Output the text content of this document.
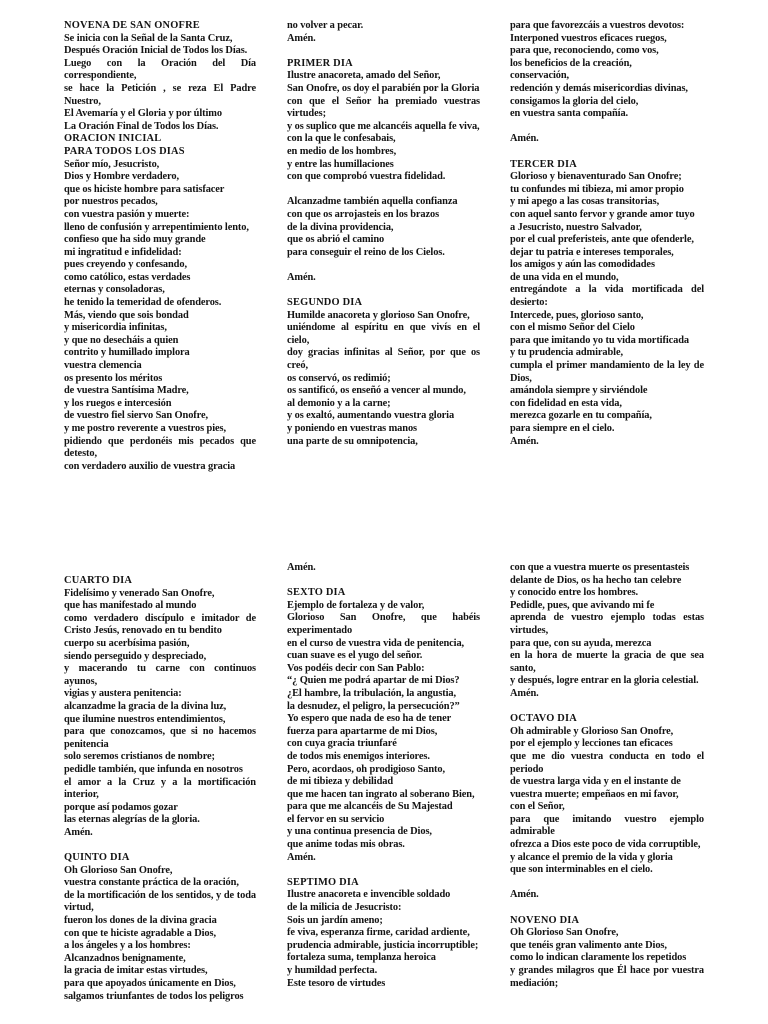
NOVENA DE SAN ONOFRE
Se inicia con la Señal de la Santa Cruz,
Después Oración Inicial de Todos los Días.
Luego con la Oración del Día correspondiente,
se hace la Petición , se reza El Padre Nuestro,
El Avemaría y el Gloria y por último
La Oración Final de Todos los Días.
ORACION INICIAL
PARA TODOS LOS DIAS
Señor mío, Jesucristo,
Dios y Hombre verdadero,
que os hiciste hombre para satisfacer
por nuestros pecados,
con vuestra pasión y muerte:
lleno de confusión y arrepentimiento lento,
confieso que ha sido muy grande
mi ingratitud e infidelidad:
pues creyendo y confesando,
como católico, estas verdades
eternas y consoladoras,
he tenido la temeridad de ofenderos.
Más, viendo que sois bondad
y misericordia infinitas,
y que no desecháis a quien
contrito y humillado implora
vuestra clemencia
os presento los méritos
de vuestra Santísima Madre,
y los ruegos e intercesión
de vuestro fiel siervo San Onofre,
y me postro reverente a vuestros pies,
pidiendo que perdonéis mis pecados que detesto,
con verdadero auxilio de vuestra gracia
no volver a pecar.
Amén.
PRIMER DIA
Ilustre anacoreta, amado del Señor,
San Onofre, os doy el parabién por la Gloria
con que el Señor ha premiado vuestras virtudes;
y os suplico que me alcancéis aquella fe viva,
con la que le confesabais,
en medio de los hombres,
y entre las humillaciones
con que comprobó vuestra fidelidad.
Alcanzadme también aquella confianza
con que os arrojasteis en los brazos
de la divina providencia,
que os abrió el camino
para conseguir el reino de los Cielos.
Amén.
SEGUNDO DIA
Humilde anacoreta y glorioso San Onofre,
uniéndome al espíritu en que vivís en el cielo,
doy gracias infinitas al Señor, por que os creó,
os conservó, os redimió;
os santificó, os enseñó a vencer al mundo,
al demonio y a la carne;
y os exaltó, aumentando vuestra gloria
y poniendo en vuestras manos
una parte de su omnipotencia,
para que favorezcáis a vuestros devotos:
Interponed vuestros eficaces ruegos,
para que, reconociendo, como vos,
los beneficios de la creación,
conservación,
redención y demás misericordias divinas,
consigamos la gloria del cielo,
en vuestra santa compañía.
Amén.
TERCER DIA
Glorioso y bienaventurado San Onofre;
tu confundes mi tibieza, mi amor propio
y mi apego a las cosas transitorias,
con aquel santo fervor y grande amor tuyo
a Jesucristo, nuestro Salvador,
por el cual preferisteis, ante que ofenderle,
dejar tu patria e intereses temporales,
los amigos y aún las comodidades
de una vida en el mundo,
entregándote a la vida mortificada del desierto:
Intercede, pues, glorioso santo,
con el mismo Señor del Cielo
para que imitando yo tu vida mortificada
y tu prudencia admirable,
cumpla el primer mandamiento de la ley de Dios,
amándola siempre y sirviéndole
con fidelidad en esta vida,
merezca gozarle en tu compañía,
para siempre en el cielo.
Amén.
CUARTO DIA
Fidelísimo y venerado San Onofre,
que has manifestado al mundo
como verdadero discípulo e imitador de Cristo Jesús, renovado en tu bendito
cuerpo su acerbísima pasión,
siendo perseguido y despreciado,
y macerando tu carne con continuos ayunos,
vigias y austera penitencia:
alcanzadme la gracia de la divina luz,
que ilumine nuestros entendimientos,
para que conozcamos, que si no hacemos penitencia
solo seremos cristianos de nombre;
pedidle también, que infunda en nosotros
el amor a la Cruz y a la mortificación interior,
porque así podamos gozar
las eternas alegrías de la gloria.
Amén.
QUINTO DIA
Oh Glorioso San Onofre,
vuestra constante práctica de la oración,
de la mortificación de los sentidos, y de toda virtud,
fueron los dones de la divina gracia
con que te hiciste agradable a Dios,
a los ángeles y a los hombres:
Alcanzadnos benignamente,
la gracia de imitar estas virtudes,
para que apoyados únicamente en Dios,
salgamos triunfantes de todos los peligros
Amén.
SEXTO DIA
Ejemplo de fortaleza y de valor,
Glorioso San Onofre, que habéis experimentado
en el curso de vuestra vida de penitencia,
cuan suave es el yugo del señor.
Vos podéis decir con San Pablo:
“¿ Quien me podrá apartar de mi Dios?
¿El hambre, la tribulación, la angustia,
la desnudez, el peligro, la persecución?”
Yo espero que nada de eso ha de tener
fuerza para apartarme de mi Dios,
con cuya gracia triunfaré
de todos mis enemigos interiores.
Pero, acordaos, oh prodigioso Santo,
de mi tibieza y debilidad
que me hacen tan ingrato al soberano Bien,
para que me alcancéis de Su Majestad
el fervor en su servicio
y una continua presencia de Dios,
que anime todas mis obras.
Amén.
SEPTIMO DIA
Ilustre anacoreta e invencible soldado
de la milicia de Jesucristo:
Sois un jardín ameno;
fe viva, esperanza firme, caridad ardiente,
prudencia admirable, justicia incorruptible;
fortaleza suma, templanza heroica
y humildad perfecta.
Este tesoro de virtudes
con que a vuestra muerte os presentasteis
delante de Dios, os ha hecho tan celebre
y conocido entre los hombres.
Pedidle, pues, que avivando mi fe
aprenda de vuestro ejemplo todas estas virtudes,
para que, con su ayuda, merezca
en la hora de muerte la gracia de que sea santo,
y después, logre entrar en la gloria celestial.
Amén.
OCTAVO DIA
Oh admirable y Glorioso San Onofre,
por el ejemplo y lecciones tan eficaces
que me dio vuestra conducta en todo el periodo
de vuestra larga vida y en el instante de
vuestra muerte; empeñaos en mi favor,
con el Señor,
para que imitando vuestro ejemplo admirable
ofrezca a Dios este poco de vida corruptible,
y alcance el premio de la vida y gloria
que son interminables en el cielo.
Amén.
NOVENO DIA
Oh Glorioso San Onofre,
que tenéis gran valimento ante Dios,
como lo indican claramente los repetidos
y grandes milagros que Él hace por vuestra mediación;
